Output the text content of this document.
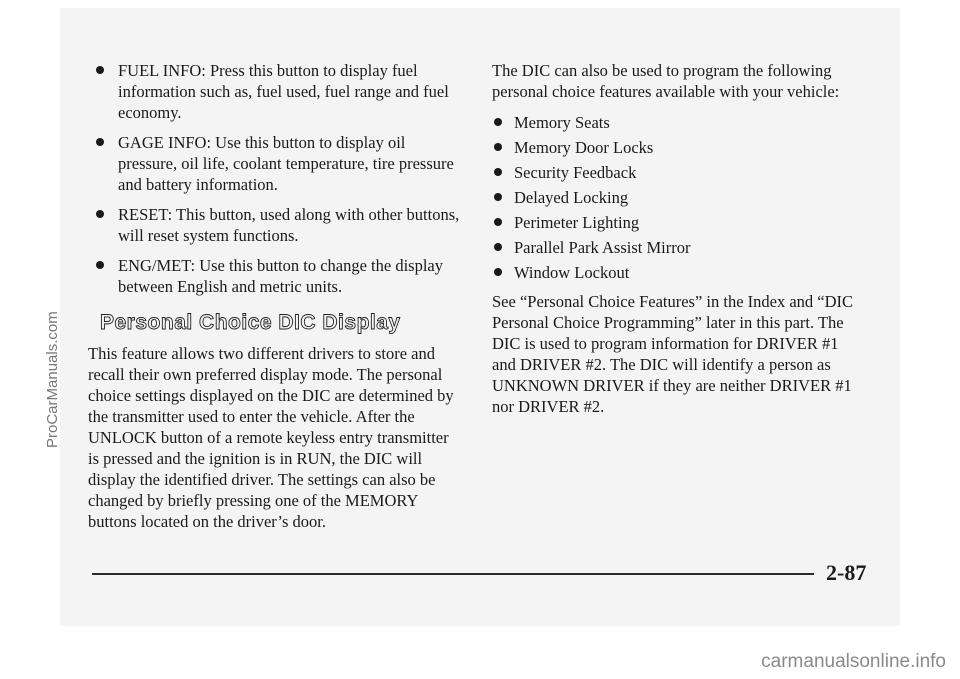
FUEL INFO: Press this button to display fuel information such as, fuel used, fuel range and fuel economy.
GAGE INFO: Use this button to display oil pressure, oil life, coolant temperature, tire pressure and battery information.
RESET: This button, used along with other buttons, will reset system functions.
ENG/MET: Use this button to change the display between English and metric units.
Personal Choice DIC Display
This feature allows two different drivers to store and recall their own preferred display mode. The personal choice settings displayed on the DIC are determined by the transmitter used to enter the vehicle. After the UNLOCK button of a remote keyless entry transmitter is pressed and the ignition is in RUN, the DIC will display the identified driver. The settings can also be changed by briefly pressing one of the MEMORY buttons located on the driver’s door.
The DIC can also be used to program the following personal choice features available with your vehicle:
Memory Seats
Memory Door Locks
Security Feedback
Delayed Locking
Perimeter Lighting
Parallel Park Assist Mirror
Window Lockout
See “Personal Choice Features” in the Index and “DIC Personal Choice Programming” later in this part. The DIC is used to program information for DRIVER #1 and DRIVER #2. The DIC will identify a person as UNKNOWN DRIVER if they are neither DRIVER #1 nor DRIVER #2.
2-87
ProCarManuals.com
carmanualsonline.info
